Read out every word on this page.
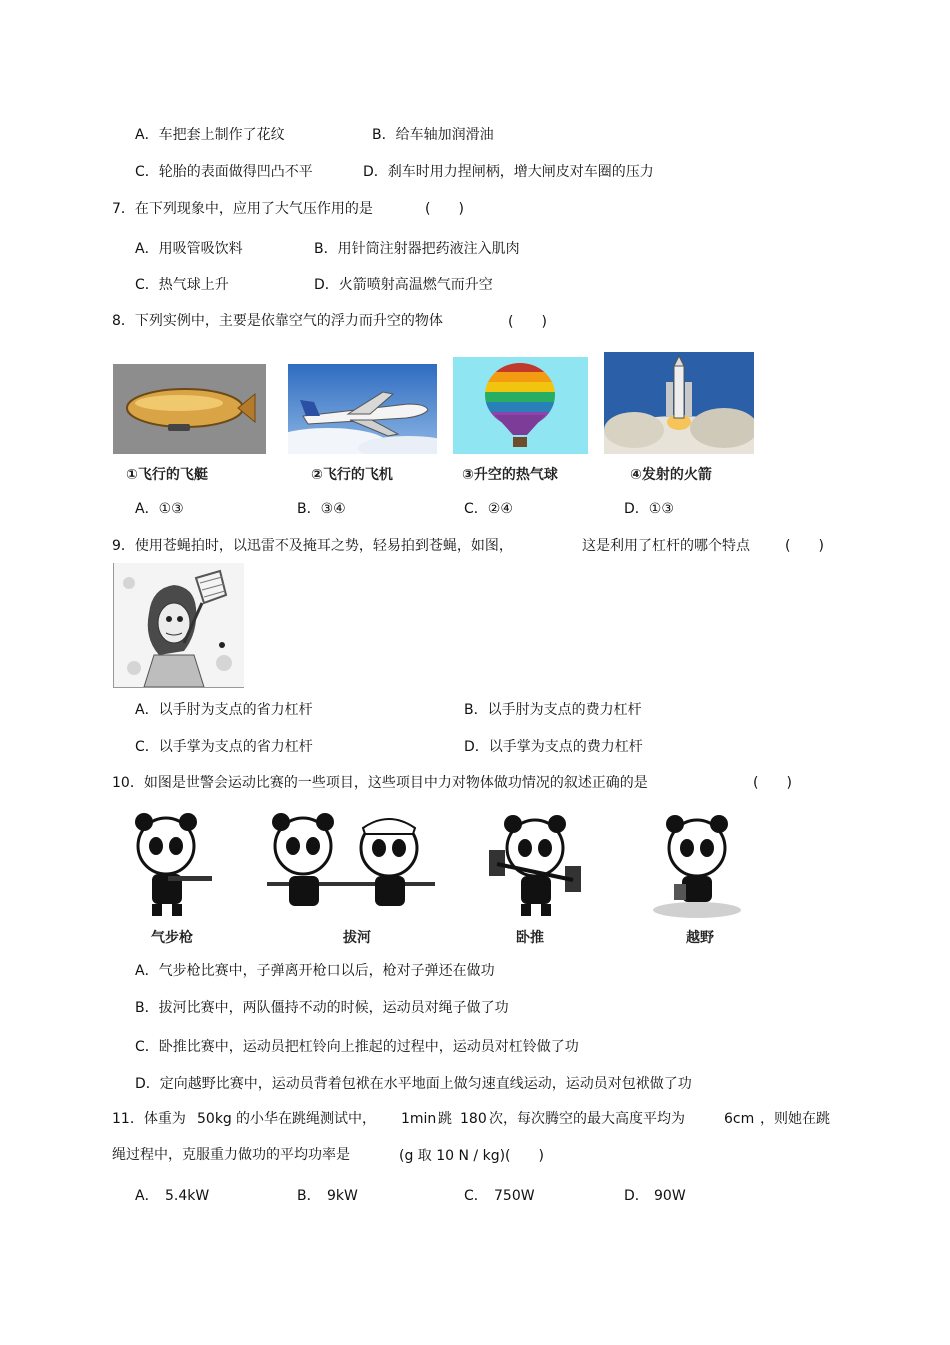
A．车把套上制作了花纹	B．给车轴加润滑油
C．轮胎的表面做得凹凸不平	D．刹车时用力捏闸柄，增大闸皮对车圈的压力
7．在下列现象中，应用了大气压作用的是	(　　)
A．用吸管吸饮料	B．用针筒注射器把药液注入肌肉
C．热气球上升	D．火箭喷射高温燃气而升空
8．下列实例中，主要是依靠空气的浮力而升空的物体	(　　)
①飞行的飞艇	②飞行的飞机	③升空的热气球	④发射的火箭
A．①③	B．③④	C．②④	D．①③
9．使用苍蝇拍时，以迅雷不及掩耳之势，轻易拍到苍蝇，如图，	这是利用了杠杆的哪个特点	(　　)
A．以手肘为支点的省力杠杆	B．以手肘为支点的费力杠杆
C．以手掌为支点的省力杠杆	D．以手掌为支点的费力杠杆
10．如图是世警会运动比赛的一些项目，这些项目中力对物体做功情况的叙述正确的是	(　　)
气步枪	拔河	卧推	越野
A．气步枪比赛中，子弹离开枪口以后，枪对子弹还在做功
B．拔河比赛中，两队僵持不动的时候，运动员对绳子做了功
C．卧推比赛中，运动员把杠铃向上推起的过程中，运动员对杠铃做了功
D．定向越野比赛中，运动员背着包袱在水平地面上做匀速直线运动，运动员对包袱做了功
11．体重为 50kg 的小华在跳绳测试中， 1min 跳 180 次，每次腾空的最大高度平均为	6cm ，则她在跳
绳过程中，克服重力做功的平均功率是	(g 取 10 N / kg)(　　)
A． 5.4kW	B． 9kW	C． 750W	D． 90W
